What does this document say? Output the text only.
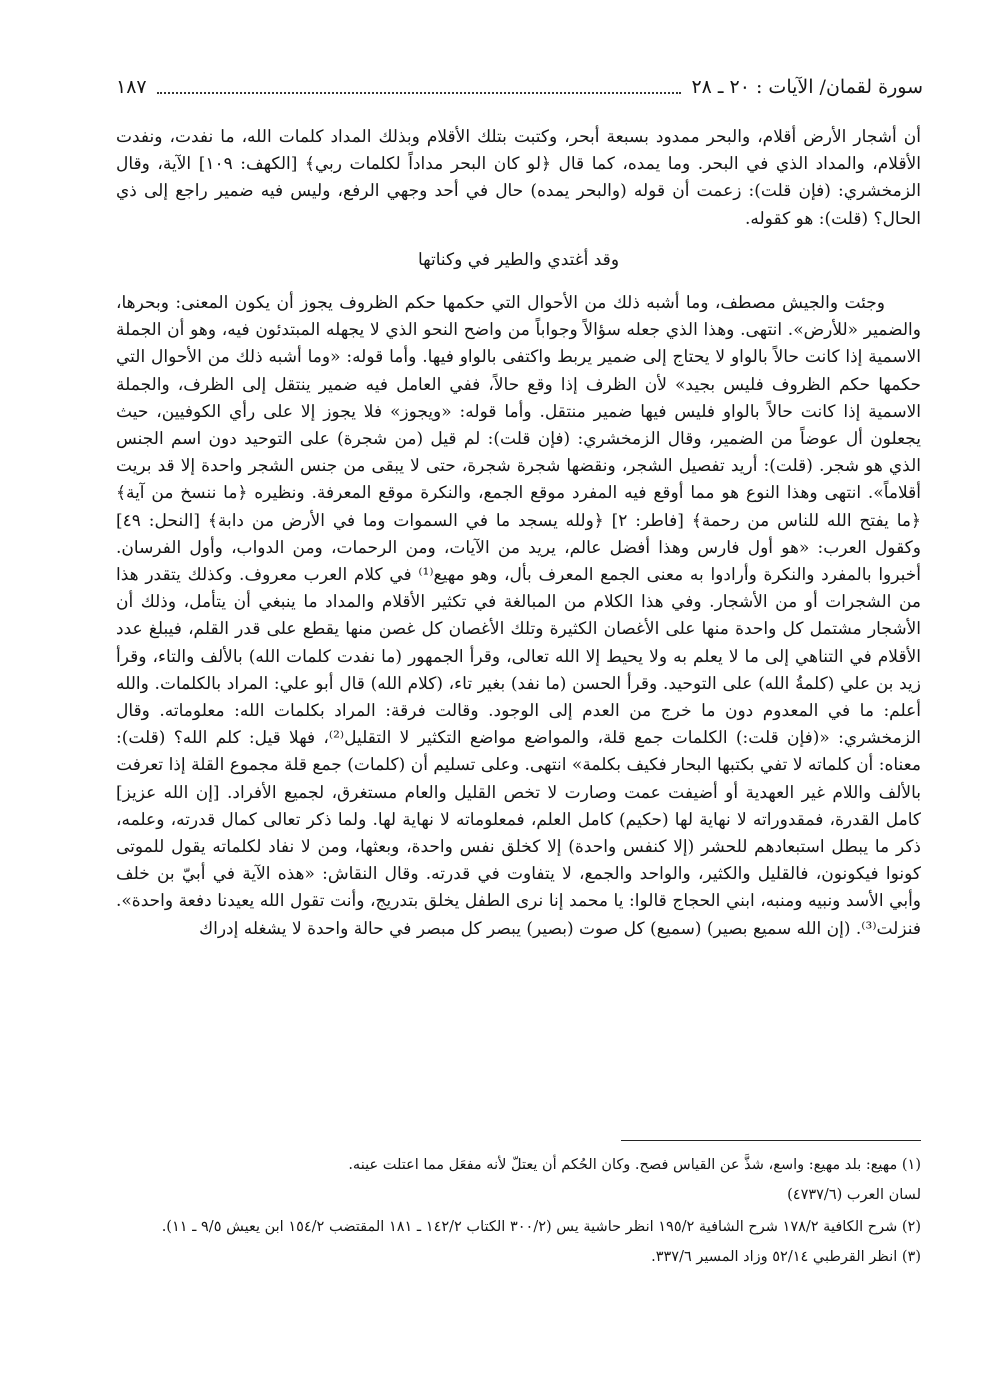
سورة لقمان/ الآيات : ٢٠ ـ ٢٨
١٨٧

أن أشجار الأرض أقلام، والبحر ممدود بسبعة أبحر، وكتبت بتلك الأقلام وبذلك المداد كلمات الله، ما نفدت، ونفدت الأقلام، والمداد الذي في البحر. وما يمده، كما قال ﴿لو كان البحر مداداً لكلمات ربي﴾ [الكهف: ١٠٩] الآية، وقال الزمخشري: (فإن قلت): زعمت أن قوله (والبحر يمده) حال في أحد وجهي الرفع، وليس فيه ضمير راجع إلى ذي الحال؟ (قلت): هو كقوله.

وقد أغتدي والطير في وكناتها

وجئت والجيش مصطف، وما أشبه ذلك من الأحوال التي حكمها حكم الظروف يجوز أن يكون المعنى: وبحرها، والضمير «للأرض». انتهى. وهذا الذي جعله سؤالاً وجواباً من واضح النحو الذي لا يجهله المبتدئون فيه، وهو أن الجملة الاسمية إذا كانت حالاً بالواو لا يحتاج إلى ضمير يربط واكتفى بالواو فيها. وأما قوله: «وما أشبه ذلك من الأحوال التي حكمها حكم الظروف فليس بجيد» لأن الظرف إذا وقع حالاً، ففي العامل فيه ضمير ينتقل إلى الظرف، والجملة الاسمية إذا كانت حالاً بالواو فليس فيها ضمير منتقل. وأما قوله: «ويجوز» فلا يجوز إلا على رأي الكوفيين، حيث يجعلون أل عوضاً من الضمير، وقال الزمخشري: (فإن قلت): لم قيل (من شجرة) على التوحيد دون اسم الجنس الذي هو شجر. (قلت): أريد تفصيل الشجر، ونقضها شجرة شجرة، حتى لا يبقى من جنس الشجر واحدة إلا قد بريت أقلاماً». انتهى وهذا النوع هو مما أوقع فيه المفرد موقع الجمع، والنكرة موقع المعرفة. ونظيره ﴿ما ننسخ من آية﴾ ﴿ما يفتح الله للناس من رحمة﴾ [فاطر: ٢] ﴿ولله يسجد ما في السموات وما في الأرض من دابة﴾ [النحل: ٤٩] وكقول العرب: «هو أول فارس وهذا أفضل عالم، يريد من الآيات، ومن الرحمات، ومن الدواب، وأول الفرسان. أخبروا بالمفرد والنكرة وأرادوا به معنى الجمع المعرف بأل، وهو مهيع⁽¹⁾ في كلام العرب معروف. وكذلك يتقدر هذا من الشجرات أو من الأشجار. وفي هذا الكلام من المبالغة في تكثير الأقلام والمداد ما ينبغي أن يتأمل، وذلك أن الأشجار مشتمل كل واحدة منها على الأغصان الكثيرة وتلك الأغصان كل غصن منها يقطع على قدر القلم، فيبلغ عدد الأقلام في التناهي إلى ما لا يعلم به ولا يحيط إلا الله تعالى، وقرأ الجمهور (ما نفدت كلمات الله) بالألف والتاء، وقرأ زيد بن علي (كلمةُ الله) على التوحيد. وقرأ الحسن (ما نفد) بغير تاء، (كلام الله) قال أبو علي: المراد بالكلمات. والله أعلم: ما في المعدوم دون ما خرج من العدم إلى الوجود. وقالت فرقة: المراد بكلمات الله: معلوماته. وقال الزمخشري: «(فإن قلت:) الكلمات جمع قلة، والمواضع مواضع التكثير لا التقليل⁽²⁾، فهلا قيل: كلم الله؟ (قلت): معناه: أن كلماته لا تفي بكتبها البحار فكيف بكلمة» انتهى. وعلى تسليم أن (كلمات) جمع قلة مجموع القلة إذا تعرفت بالألف واللام غير العهدية أو أضيفت عمت وصارت لا تخص القليل والعام مستغرق، لجميع الأفراد. [إن الله عزيز] كامل القدرة، فمقدوراته لا نهاية لها (حكيم) كامل العلم، فمعلوماته لا نهاية لها. ولما ذكر تعالى كمال قدرته، وعلمه، ذكر ما يبطل استبعادهم للحشر (إلا كنفس واحدة) إلا كخلق نفس واحدة، وبعثها، ومن لا نفاد لكلماته يقول للموتى كونوا فيكونون، فالقليل والكثير، والواحد والجمع، لا يتفاوت في قدرته. وقال النقاش: «هذه الآية في أبيّ بن خلف وأبي الأسد ونبيه ومنبه، ابني الحجاج قالوا: يا محمد إنا نرى الطفل يخلق بتدريج، وأنت تقول الله يعيدنا دفعة واحدة». فنزلت⁽³⁾. (إن الله سميع بصير) (سميع) كل صوت (بصير) يبصر كل مبصر في حالة واحدة لا يشغله إدراك

(١) مهيع: بلد مهيع: واسع، شذَّ عن القياس فصح. وكان الحُكم أن يعتلّ لأنه مفعَل مما اعتلت عينه.

لسان العرب (٤٧٣٧/٦)

(٢) شرح الكافية ١٧٨/٢ شرح الشافية ١٩٥/٢ انظر حاشية يس (٣٠٠/٢ الكتاب ١٤٢/٢ ـ ١٨١ المقتضب ١٥٤/٢ ابن يعيش ٩/٥ ـ ١١).

(٣) انظر القرطبي ٥٢/١٤ وزاد المسير ٣٣٧/٦.
